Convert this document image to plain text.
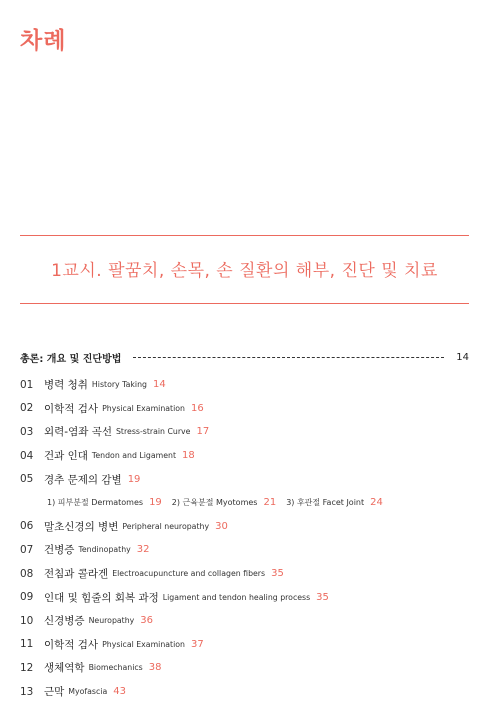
차례
1교시. 팔꿈치, 손목, 손 질환의 해부, 진단 및 치료
총론: 개요 및 진단방법	14
01	병력 청취 History Taking 14
02	이학적 검사 Physical Examination 16
03	외력-염좌 곡선 Stress-strain Curve 17
04	건과 인대 Tendon and Ligament 18
05	경추 문제의 감별 19
1) 피부분절 Dermatomes 19 2) 근육분절 Myotomes 21 3) 후관절 Facet Joint 24
06	말초신경의 병변 Peripheral neuropathy 30
07	건병증 Tendinopathy 32
08	전침과 콜라겐 Electroacupuncture and collagen fibers 35
09	인대 및 힘줄의 회복 과정 Ligament and tendon healing process 35
10	신경병증 Neuropathy 36
11	이학적 검사 Physical Examination 37
12	생체역학 Biomechanics 38
13	근막 Myofascia 43
